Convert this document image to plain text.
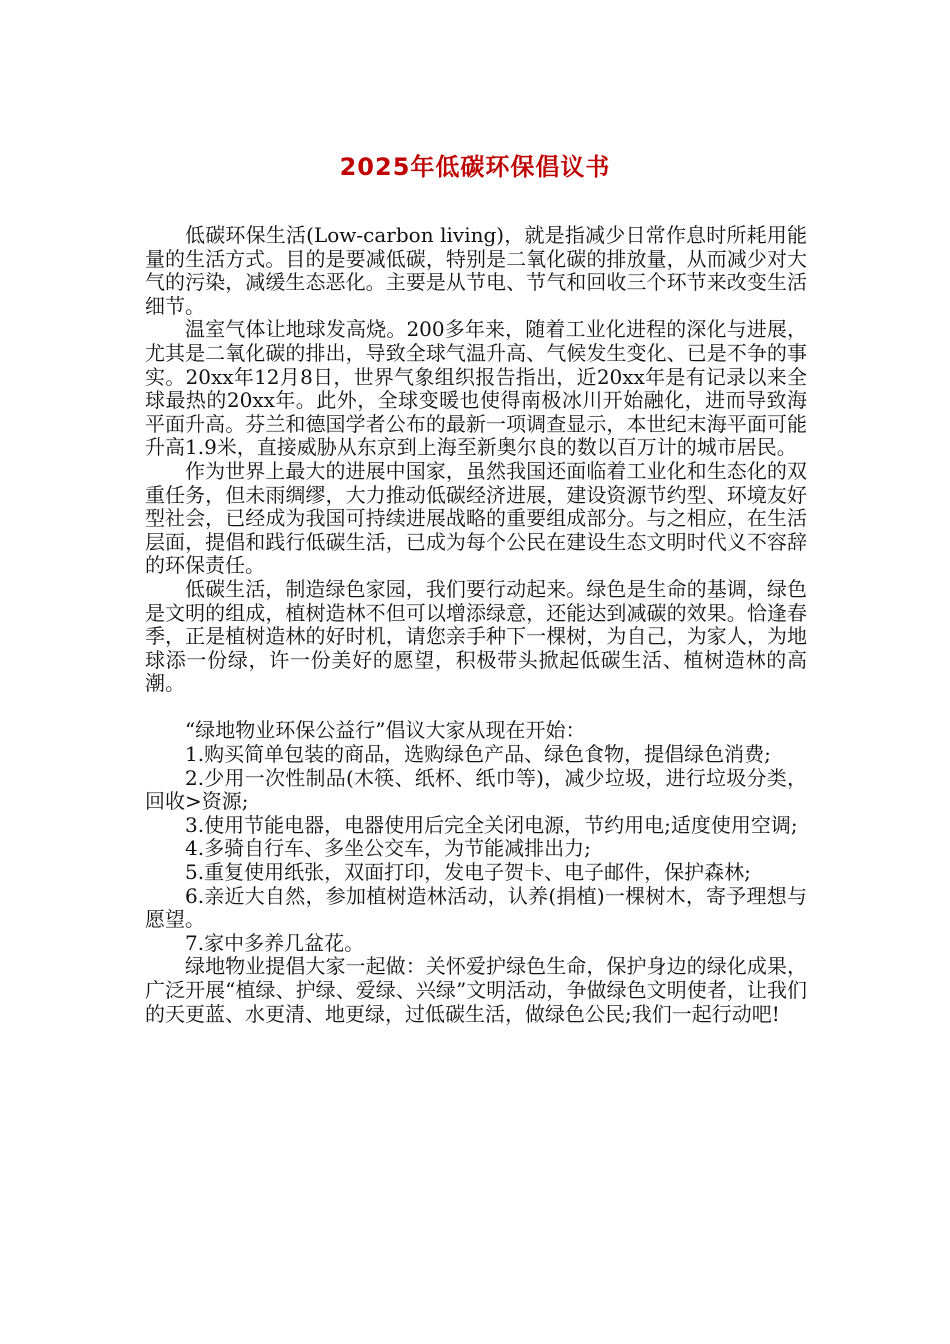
2025年低碳环保倡议书

低碳环保生活(Low-carbon living)，就是指减少日常作息时所耗用能量的生活方式。目的是要减低碳，特别是二氧化碳的排放量，从而减少对大气的污染，减缓生态恶化。主要是从节电、节气和回收三个环节来改变生活细节。

温室气体让地球发高烧。200多年来，随着工业化进程的深化与进展，尤其是二氧化碳的排出，导致全球气温升高、气候发生变化、已是不争的事实。20xx年12月8日，世界气象组织报告指出，近20xx年是有记录以来全球最热的20xx年。此外，全球变暖也使得南极冰川开始融化，进而导致海平面升高。芬兰和德国学者公布的最新一项调查显示，本世纪末海平面可能升高1.9米，直接威胁从东京到上海至新奥尔良的数以百万计的城市居民。

作为世界上最大的进展中国家，虽然我国还面临着工业化和生态化的双重任务，但未雨绸缪，大力推动低碳经济进展，建设资源节约型、环境友好型社会，已经成为我国可持续进展战略的重要组成部分。与之相应，在生活层面，提倡和践行低碳生活，已成为每个公民在建设生态文明时代义不容辞的环保责任。

低碳生活，制造绿色家园，我们要行动起来。绿色是生命的基调，绿色是文明的组成，植树造林不但可以增添绿意，还能达到减碳的效果。恰逢春季，正是植树造林的好时机，请您亲手种下一棵树，为自己，为家人，为地球添一份绿，许一份美好的愿望，积极带头掀起低碳生活、植树造林的高潮。

“绿地物业环保公益行”倡议大家从现在开始：

1.购买简单包装的商品，选购绿色产品、绿色食物，提倡绿色消费;

2.少用一次性制品(木筷、纸杯、纸巾等)，减少垃圾，进行垃圾分类，回收>资源;

3.使用节能电器，电器使用后完全关闭电源，节约用电;适度使用空调;

4.多骑自行车、多坐公交车，为节能减排出力;

5.重复使用纸张，双面打印，发电子贺卡、电子邮件，保护森林;

6.亲近大自然，参加植树造林活动，认养(捐植)一棵树木，寄予理想与愿望。

7.家中多养几盆花。

绿地物业提倡大家一起做：关怀爱护绿色生命，保护身边的绿化成果，广泛开展“植绿、护绿、爱绿、兴绿”文明活动，争做绿色文明使者，让我们的天更蓝、水更清、地更绿，过低碳生活，做绿色公民;我们一起行动吧!
